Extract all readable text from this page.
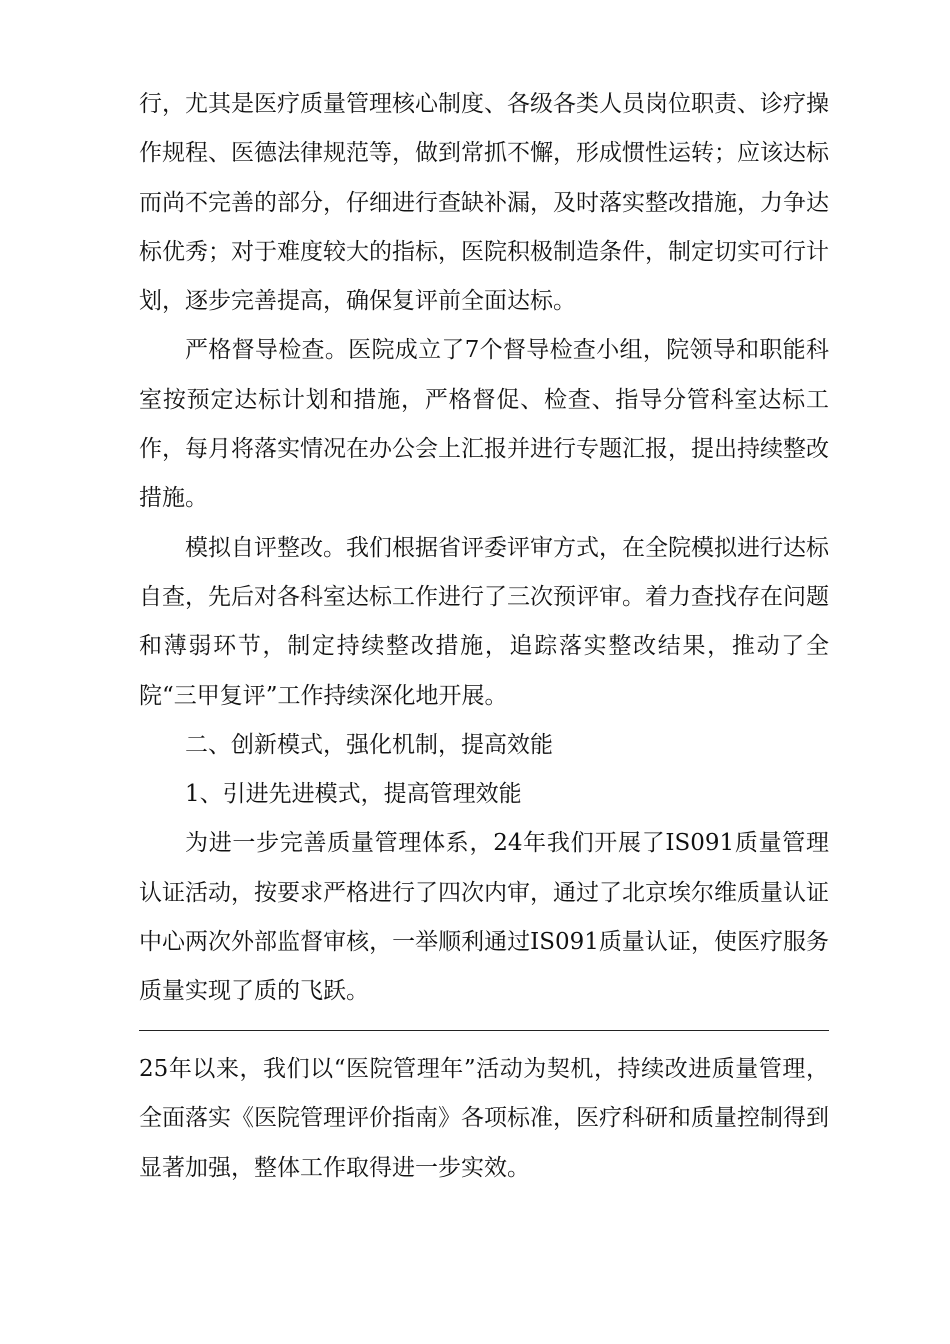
行，尤其是医疗质量管理核心制度、各级各类人员岗位职责、诊疗操作规程、医德法律规范等，做到常抓不懈，形成惯性运转；应该达标而尚不完善的部分，仔细进行查缺补漏，及时落实整改措施，力争达标优秀；对于难度较大的指标，医院积极制造条件，制定切实可行计划，逐步完善提高，确保复评前全面达标。

严格督导检查。医院成立了7个督导检查小组，院领导和职能科室按预定达标计划和措施，严格督促、检查、指导分管科室达标工作，每月将落实情况在办公会上汇报并进行专题汇报，提出持续整改措施。

模拟自评整改。我们根据省评委评审方式，在全院模拟进行达标自查，先后对各科室达标工作进行了三次预评审。着力查找存在问题和薄弱环节，制定持续整改措施，追踪落实整改结果，推动了全院“三甲复评”工作持续深化地开展。

二、创新模式，强化机制，提高效能

1、引进先进模式，提高管理效能

为进一步完善质量管理体系，24年我们开展了IS091质量管理认证活动，按要求严格进行了四次内审，通过了北京埃尔维质量认证中心两次外部监督审核，一举顺利通过IS091质量认证，使医疗服务质量实现了质的飞跃。

25年以来，我们以“医院管理年”活动为契机，持续改进质量管理，全面落实《医院管理评价指南》各项标准，医疗科研和质量控制得到显著加强，整体工作取得进一步实效。
